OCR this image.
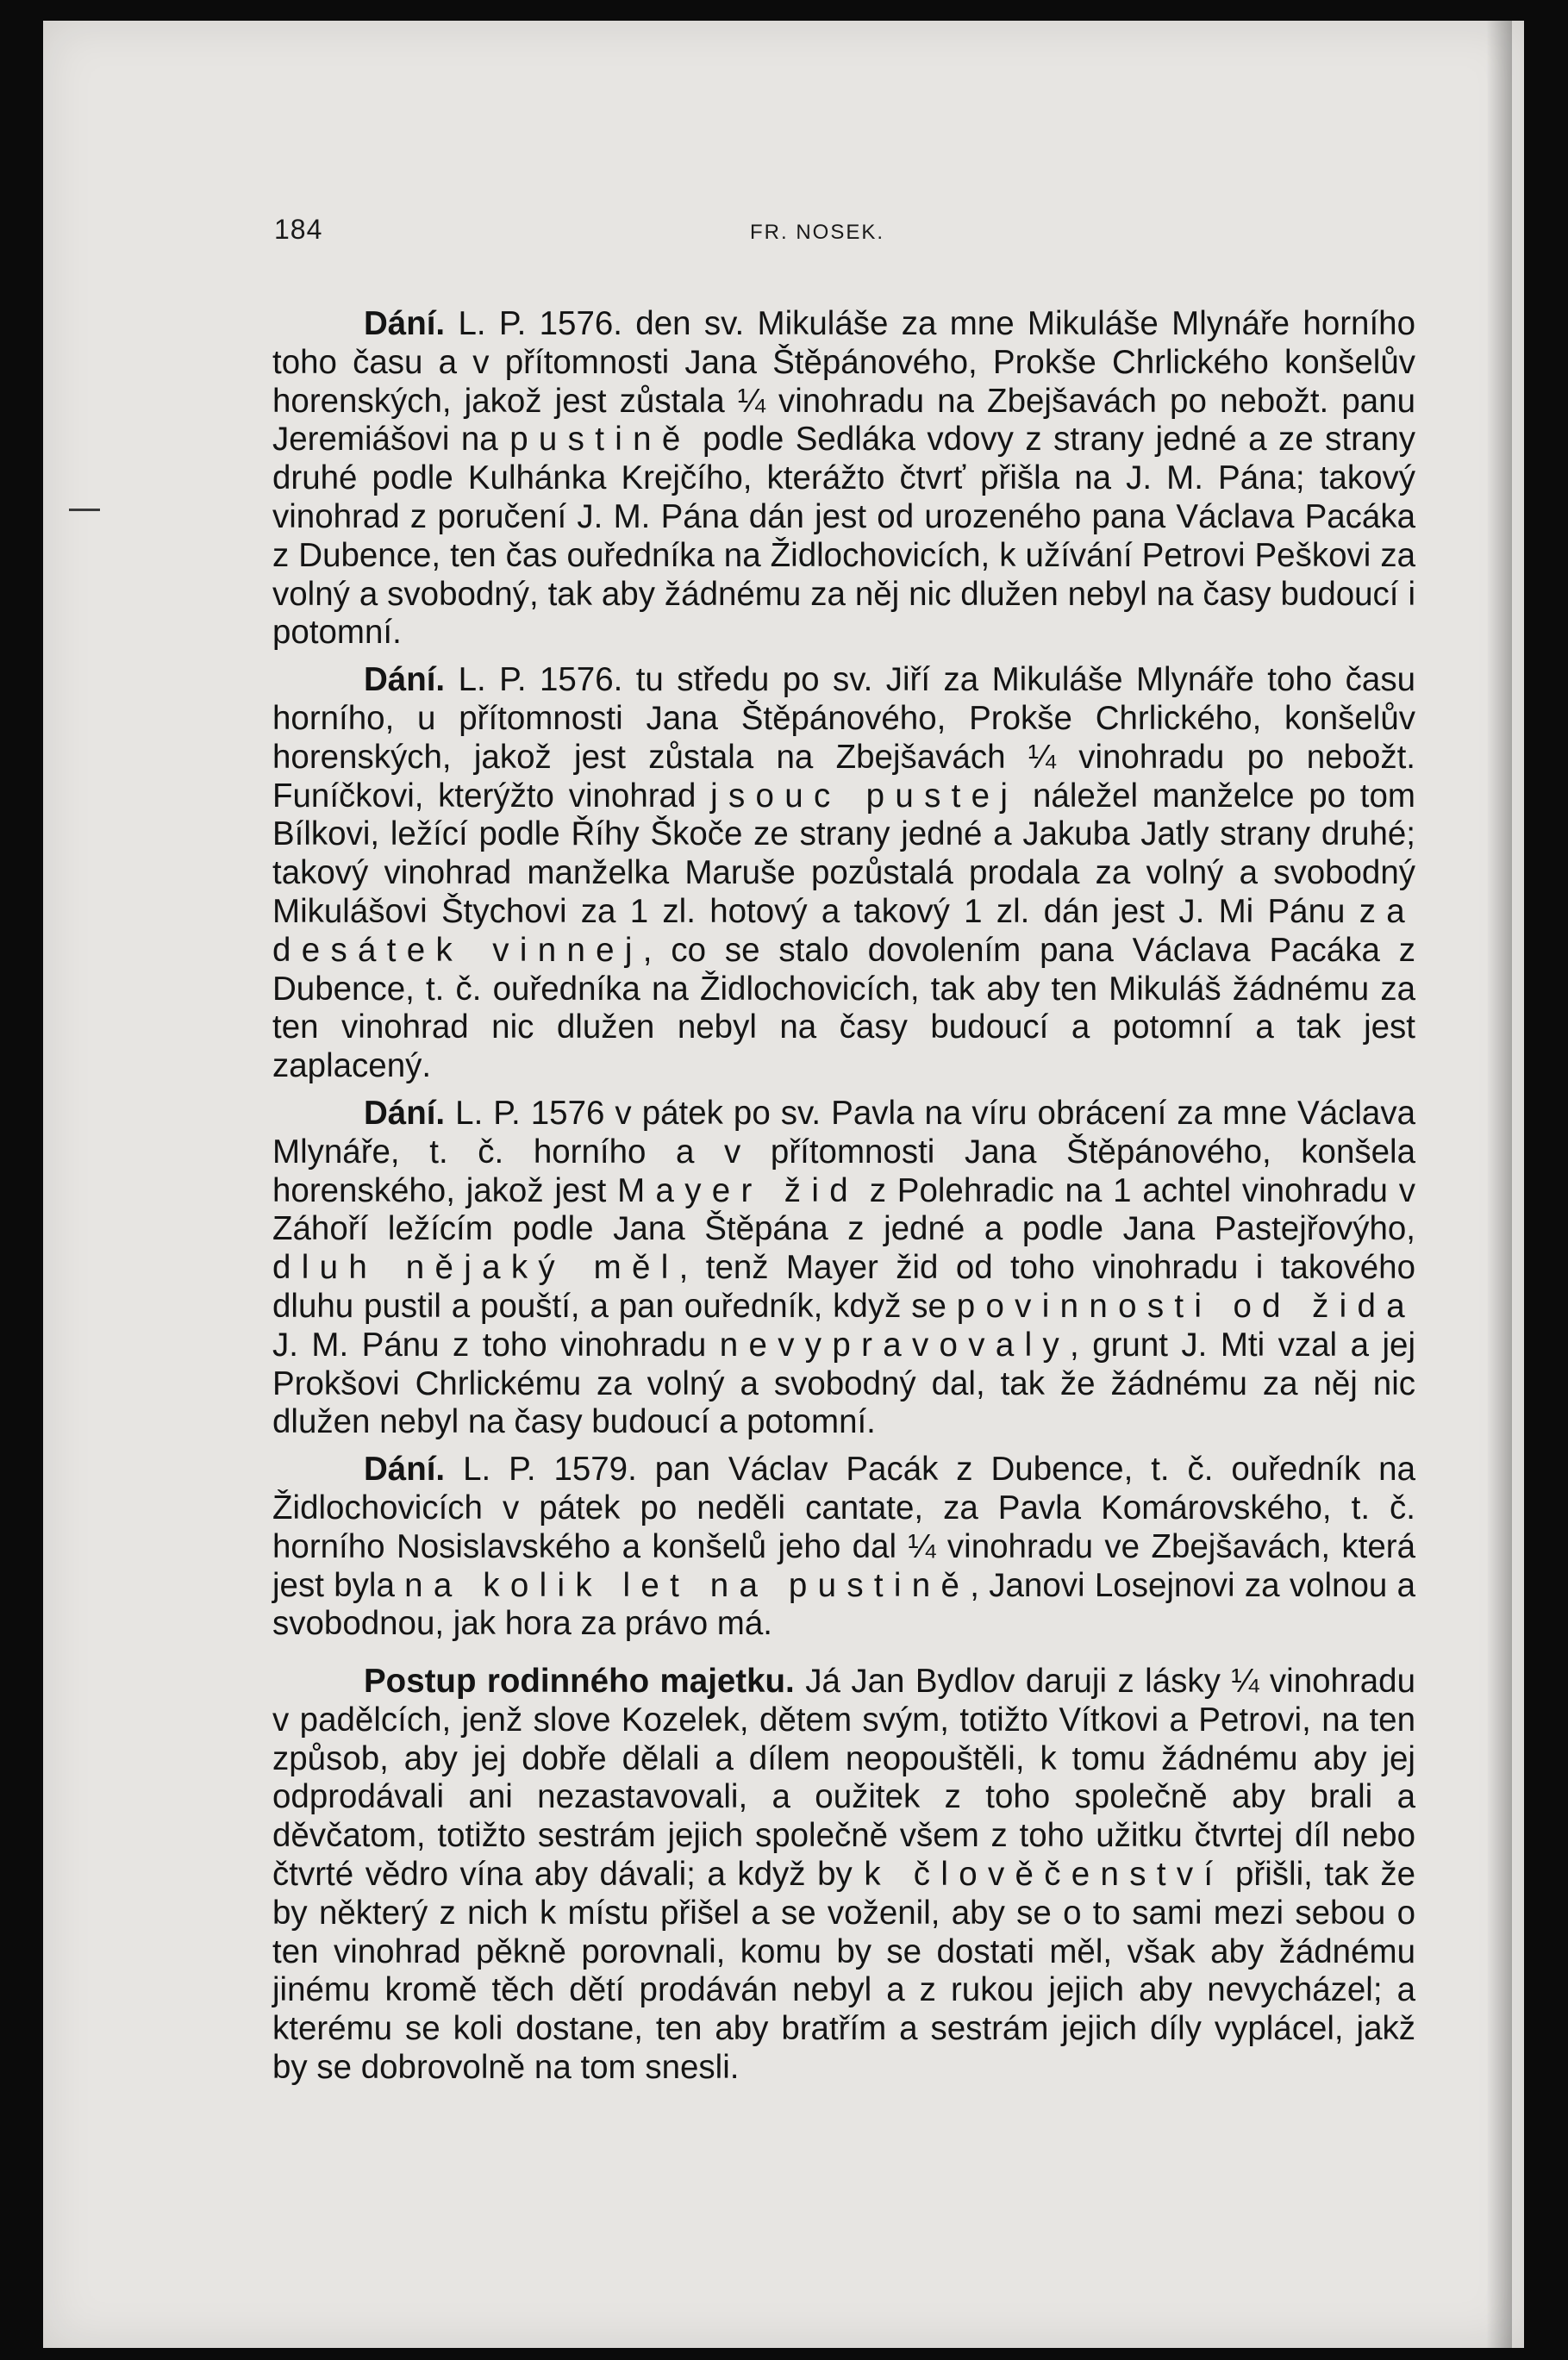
184	FR. NOSEK.

Dání. L. P. 1576. den sv. Mikuláše za mne Mikuláše Mlynáře horního toho času a v přítomnosti Jana Štěpánového, Prokše Chrlického konšelův horenských, jakož jest zůstala ¼ vinohradu na Zbejšavách po nebožt. panu Jeremiášovi na pustině podle Sedláka vdovy z strany jedné a ze strany druhé podle Kulhánka Krejčího, kterážto čtvrť přišla na J. M. Pána; takový vinohrad z poručení J. M. Pána dán jest od urozeného pana Václava Pacáka z Dubence, ten čas ouředníka na Židlochovicích, k užívání Petrovi Peškovi za volný a svobodný, tak aby žádnému za něj nic dlužen nebyl na časy budoucí i potomní.

Dání. L. P. 1576. tu středu po sv. Jiří za Mikuláše Mlynáře toho času horního, u přítomnosti Jana Štěpánového, Prokše Chrlického, konšelův horenských, jakož jest zůstala na Zbejšavách ¼ vinohradu po nebožt. Funíčkovi, kterýžto vinohrad jsouc pustej náležel manželce po tom Bílkovi, ležící podle Říhy Škoče ze strany jedné a Jakuba Jatly strany druhé; takový vinohrad manželka Maruše pozůstalá prodala za volný a svobodný Mikulášovi Štychovi za 1 zl. hotový a takový 1 zl. dán jest J. Mi Pánu za desátek vinnej, co se stalo dovolením pana Václava Pacáka z Dubence, t. č. ouředníka na Židlochovicích, tak aby ten Mikuláš žádnému za ten vinohrad nic dlužen nebyl na časy budoucí a potomní a tak jest zaplacený.

Dání. L. P. 1576 v pátek po sv. Pavla na víru obrácení za mne Václava Mlynáře, t. č. horního a v přítomnosti Jana Štěpánového, konšela horenského, jakož jest Mayer žid z Polehradic na 1 achtel vinohradu v Záhoří ležícím podle Jana Štěpána z jedné a podle Jana Pastejřovýho, dluh nějaký měl, tenž Mayer žid od toho vinohradu i takového dluhu pustil a pouští, a pan ouředník, když se povinnosti od žida J. M. Pánu z toho vinohradu nevypravovaly, grunt J. Mti vzal a jej Prokšovi Chrlickému za volný a svobodný dal, tak že žádnému za něj nic dlužen nebyl na časy budoucí a potomní.

Dání. L. P. 1579. pan Václav Pacák z Dubence, t. č. ouředník na Židlochovicích v pátek po neděli cantate, za Pavla Komárovského, t. č. horního Nosislavského a konšelů jeho dal ¼ vinohradu ve Zbejšavách, která jest byla na kolik let na pustině, Janovi Losejnovi za volnou a svobodnou, jak hora za právo má.

Postup rodinného majetku. Já Jan Bydlov daruji z lásky ¼ vinohradu v padělcích, jenž slove Kozelek, dětem svým, totižto Vítkovi a Petrovi, na ten způsob, aby jej dobře dělali a dílem neopouštěli, k tomu žádnému aby jej odprodávali ani nezastavovali, a oužitek z toho společně aby brali a děvčatom, totižto sestrám jejich společně všem z toho užitku čtvrtej díl nebo čtvrté vědro vína aby dávali; a když by k člověčenství přišli, tak že by některý z nich k místu přišel a se voženil, aby se o to sami mezi sebou o ten vinohrad pěkně porovnali, komu by se dostati měl, však aby žádnému jinému kromě těch dětí prodáván nebyl a z rukou jejich aby nevycházel; a kterému se koli dostane, ten aby bratřím a sestrám jejich díly vyplácel, jakž by se dobrovolně na tom snesli.
